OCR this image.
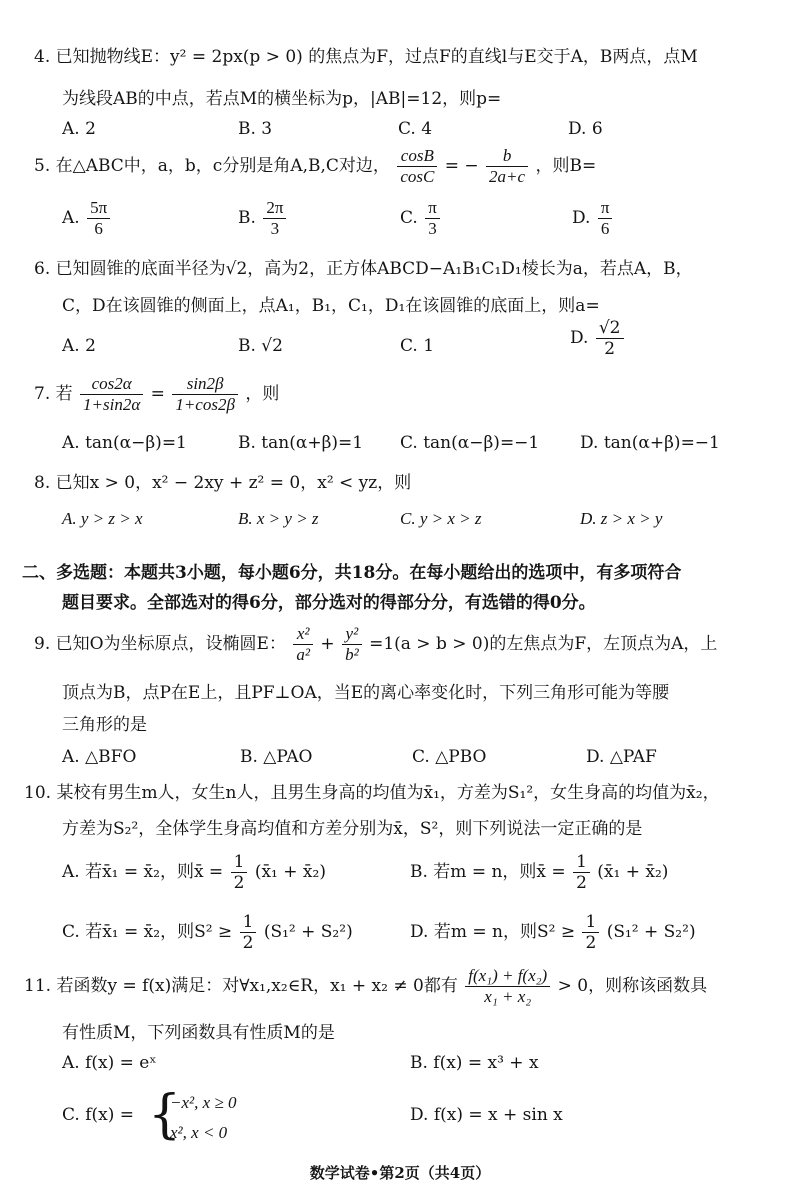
4. 已知抛物线E：y² = 2px(p > 0) 的焦点为F，过点F的直线l与E交于A，B两点，点M
为线段AB的中点，若点M的横坐标为p，|AB|=12，则p=
A. 2	B. 3	C. 4	D. 6
5. 在△ABC中，a，b，c分别是角A,B,C对边， $\frac{\cos B}{\cos C}$ = − $\frac{b}{2a+c}$ ，则B=
A. $\frac{5\pi}{6}$	B. $\frac{2\pi}{3}$	C. $\frac{\pi}{3}$	D. $\frac{\pi}{6}$
6. 已知圆锥的底面半径为√2，高为2，正方体ABCD−A₁B₁C₁D₁棱长为a，若点A，B，
C，D在该圆锥的侧面上，点A₁，B₁，C₁，D₁在该圆锥的底面上，则a=
A. 2	B. √2	C. 1	D. $\frac{√2}{2}$
7. 若 $\frac{\cos 2\alpha}{1+\sin 2\alpha} = \frac{\sin 2\beta}{1+\cos 2\beta}$ ，则
A. tan(α−β)=1	B. tan(α+β)=1 C. tan(α−β)=−1 D. tan(α+β)=−1
8. 已知x > 0，x² − 2xy + z² = 0，x² < yz，则
A. y > z > x	B. x > y > z	C. y > x > z	D. z > x > y
二、多选题：本题共3小题，每小题6分，共18分。在每小题给出的选项中，有多项符合
题目要求。全部选对的得6分，部分选对的得部分分，有选错的得0分。
9. 已知O为坐标原点，设椭圆E： $\frac{\text{x²}}{\text{a²}} + \frac{\text{y²}}{\text{b²}} =1(a > b > 0)$的左焦点为F，左顶点为A，上
顶点为B，点P在E上，且PF⊥OA，当E的离心率变化时，下列三角形可能为等腰
三角形的是
A. △BFO	B. △PAO	C. △PBO	D. △PAF
10. 某校有男生m人，女生n人，且男生身高的均值为x̄₁，方差为S₁²，女生身高的均值为x̄₂，
方差为S₂²，全体学生身高均值和方差分别为x̄，S²，则下列说法一定正确的是
A. 若x̄₁ = x̄₂，则x̄ = $\frac{1}{2}$ (x̄₁ + x̄₂)	B. 若m = n，则x̄ = $\frac{1}{2}$ (x̄₁ + x̄₂)
C. 若x̄₁ = x̄₂，则$S^2 \ge \frac{1}{2} (S_1^2 + S_2^2)$	D. 若m = n，则$S^2 \ge \frac{1}{2} (S_1^2 + S_2^2)$
11. 若函数y = f(x)满足：对∀x₁,x₂∈R，x₁ + x₂ ≠ 0都有 $\frac{\text{f(x₁) + f(x₂)}}{\text{x₁ + x₂}} > 0$，则称该函数具
有性质M，下列函数具有性质M的是
A. f(x) = eˣ	B. f(x) = x³ + x
C. f(x) = {
−x², x ≥ 0
x², x < 0
D. f(x) = x + sin x
数学试卷•第2页（共4页）
